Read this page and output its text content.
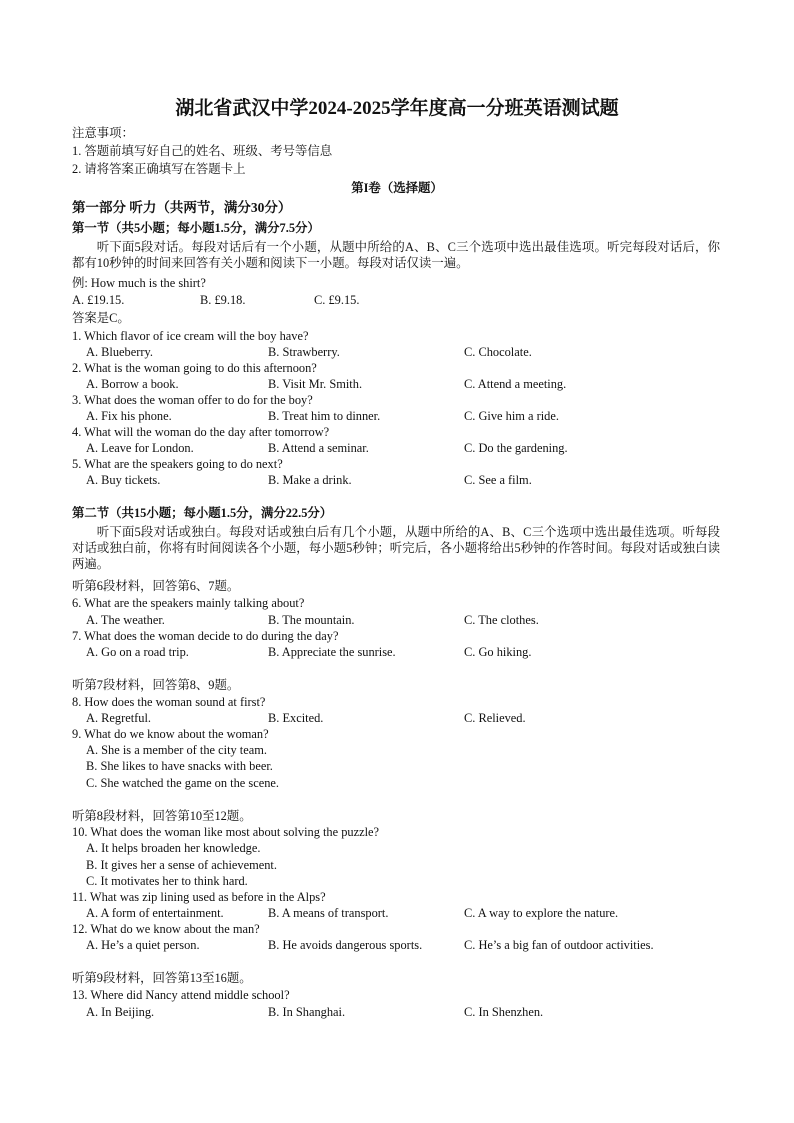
湖北省武汉中学2024-2025学年度高一分班英语测试题
注意事项：
1. 答题前填写好自己的姓名、班级、考号等信息
2. 请将答案正确填写在答题卡上
第I卷（选择题）
第一部分 听力（共两节，满分30分）
第一节（共5小题；每小题1.5分，满分7.5分）
听下面5段对话。每段对话后有一个小题，从题中所给的A、B、C三个选项中选出最佳选项。听完每段对话后，你都有10秒钟的时间来回答有关小题和阅读下一小题。每段对话仅读一遍。
例: How much is the shirt?
A. £19.15.	B. £9.18.	C. £9.15.
答案是C。
1. Which flavor of ice cream will the boy have?
A. Blueberry.	B. Strawberry.	C. Chocolate.
2. What is the woman going to do this afternoon?
A. Borrow a book.	B. Visit Mr. Smith.	C. Attend a meeting.
3. What does the woman offer to do for the boy?
A. Fix his phone.	B. Treat him to dinner.	C. Give him a ride.
4. What will the woman do the day after tomorrow?
A. Leave for London.	B. Attend a seminar.	C. Do the gardening.
5. What are the speakers going to do next?
A. Buy tickets.	B. Make a drink.	C. See a film.
第二节（共15小题；每小题1.5分，满分22.5分）
听下面5段对话或独白。每段对话或独白后有几个小题，从题中所给的A、B、C三个选项中选出最佳选项。听每段对话或独白前，你将有时间阅读各个小题，每小题5秒钟；听完后，各小题将给出5秒钟的作答时间。每段对话或独白读两遍。
听第6段材料，回答第6、7题。
6. What are the speakers mainly talking about?
A. The weather.	B. The mountain.	C. The clothes.
7. What does the woman decide to do during the day?
A. Go on a road trip.	B. Appreciate the sunrise.	C. Go hiking.
听第7段材料，回答第8、9题。
8. How does the woman sound at first?
A. Regretful.	B. Excited.	C. Relieved.
9. What do we know about the woman?
A. She is a member of the city team.
B. She likes to have snacks with beer.
C. She watched the game on the scene.
听第8段材料，回答第10至12题。
10. What does the woman like most about solving the puzzle?
A. It helps broaden her knowledge.
B. It gives her a sense of achievement.
C. It motivates her to think hard.
11. What was zip lining used as before in the Alps?
A. A form of entertainment.	B. A means of transport.	C. A way to explore the nature.
12. What do we know about the man?
A. He’s a quiet person.	B. He avoids dangerous sports.	C. He’s a big fan of outdoor activities.
听第9段材料，回答第13至16题。
13. Where did Nancy attend middle school?
A. In Beijing.	B. In Shanghai.	C. In Shenzhen.
